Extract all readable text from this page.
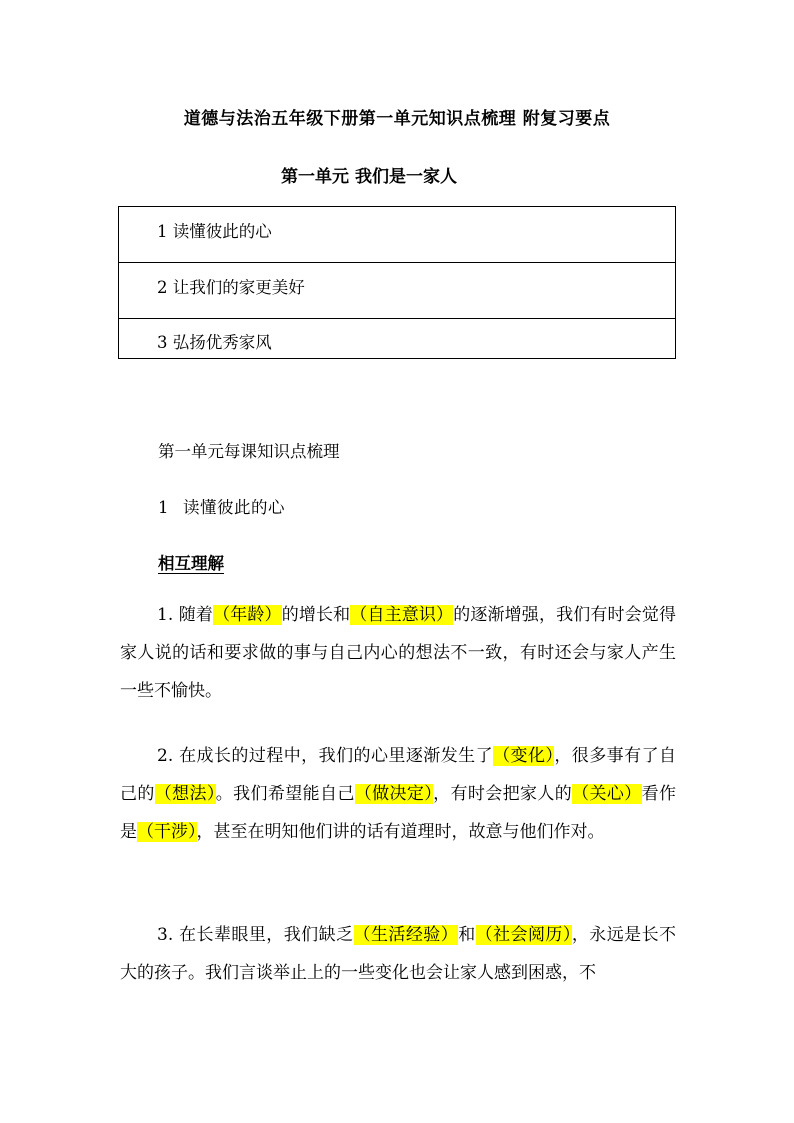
道德与法治五年级下册第一单元知识点梳理 附复习要点
第一单元 我们是一家人
1 读懂彼此的心
2 让我们的家更美好
3 弘扬优秀家风

第一单元每课知识点梳理

1 读懂彼此的心

相互理解

1. 随着（年龄）的增长和（自主意识）的逐渐增强，我们有时会觉得家人说的话和要求做的事与自己内心的想法不一致，有时还会与家人产生一些不愉快。

2. 在成长的过程中，我们的心里逐渐发生了（变化），很多事有了自己的（想法）。我们希望能自己（做决定），有时会把家人的（关心）看作是（干涉），甚至在明知他们讲的话有道理时，故意与他们作对。

3. 在长辈眼里，我们缺乏（生活经验）和（社会阅历），永远是长不大的孩子。我们言谈举止上的一些变化也会让家人感到困惑，不
